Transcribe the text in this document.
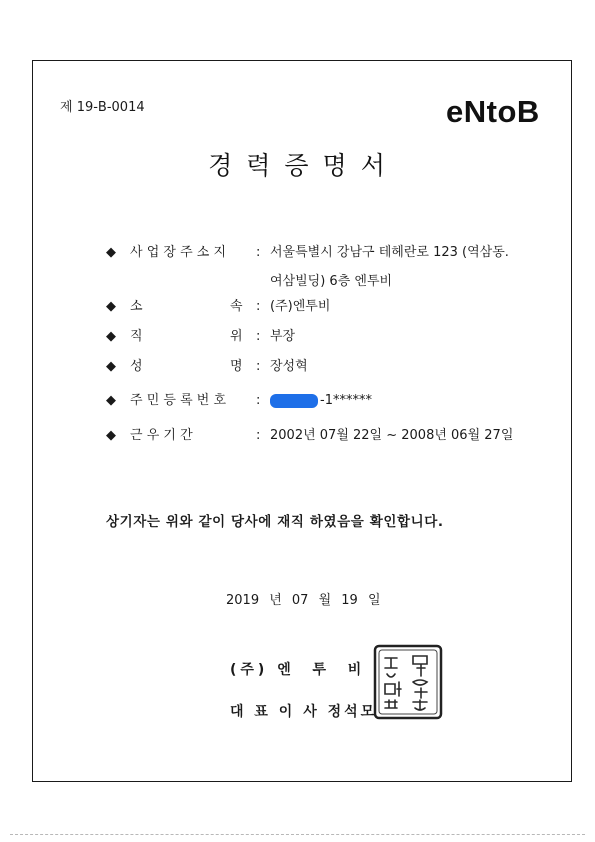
제 19-B-0014	eNtoB
경력증명서
◆ 사 업 장 주 소 지	: 서울특별시 강남구 테헤란로 123 (역삼동.
여삼빌딩) 6층 엔투비
◆ 소	속	: (주)엔투비
◆ 직	위	: 부장
◆ 성	명	: 장성혁
◆ 주 민 등 록 번 호	:	-1******
◆ 근 우 기 간	: 2002년 07월 22일 ~ 2008년 06월 27일
상기자는 위와 같이 당사에 재직 하였음을 확인합니다.
2019 년 07 월 19 일
(주) 엔  투  비
대 표 이 사 정석모
